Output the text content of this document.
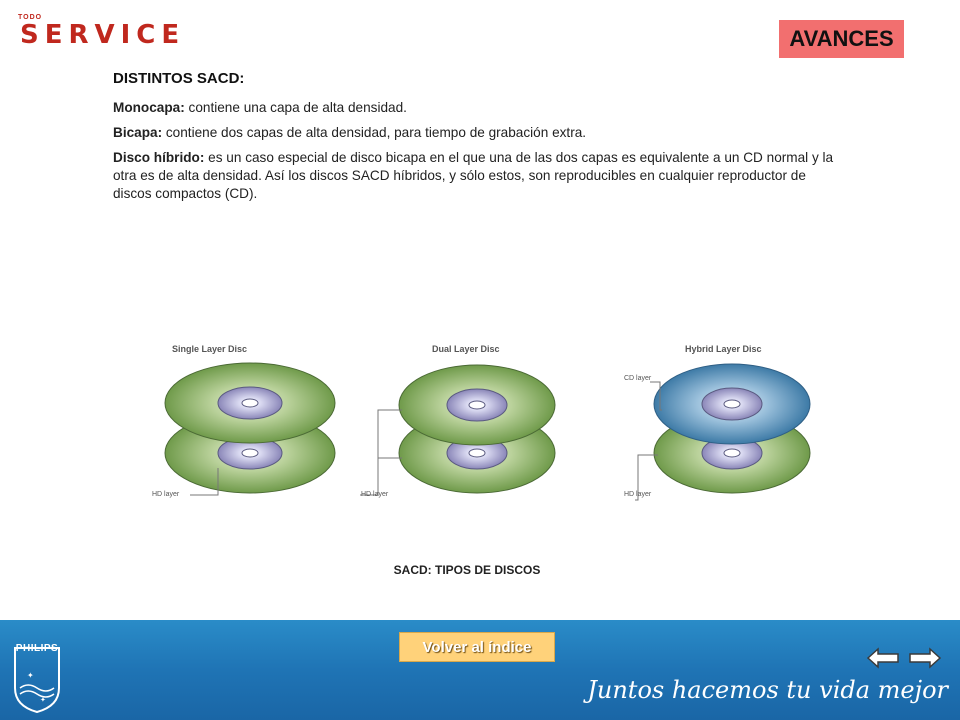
TODO
SERVICE	AVANCES
DISTINTOS SACD:

Monocapa: contiene una capa de alta densidad.

Bicapa: contiene dos capas de alta densidad, para tiempo de grabación extra.

Disco híbrido: es un caso especial de disco bicapa en el que una de las dos capas es equivalente a un CD normal y la otra es de alta densidad. Así los discos SACD híbridos, y sólo estos, son reproducibles en cualquier reproductor de discos compactos (CD).

Single Layer Disc	Dual Layer Disc	Hybrid Layer Disc
HD layer	HD layer
CD layer
HD layer
SACD: TIPOS DE DISCOS
✦
✦
PHILIPS	Volver al índice
Juntos hacemos tu vida mejor
